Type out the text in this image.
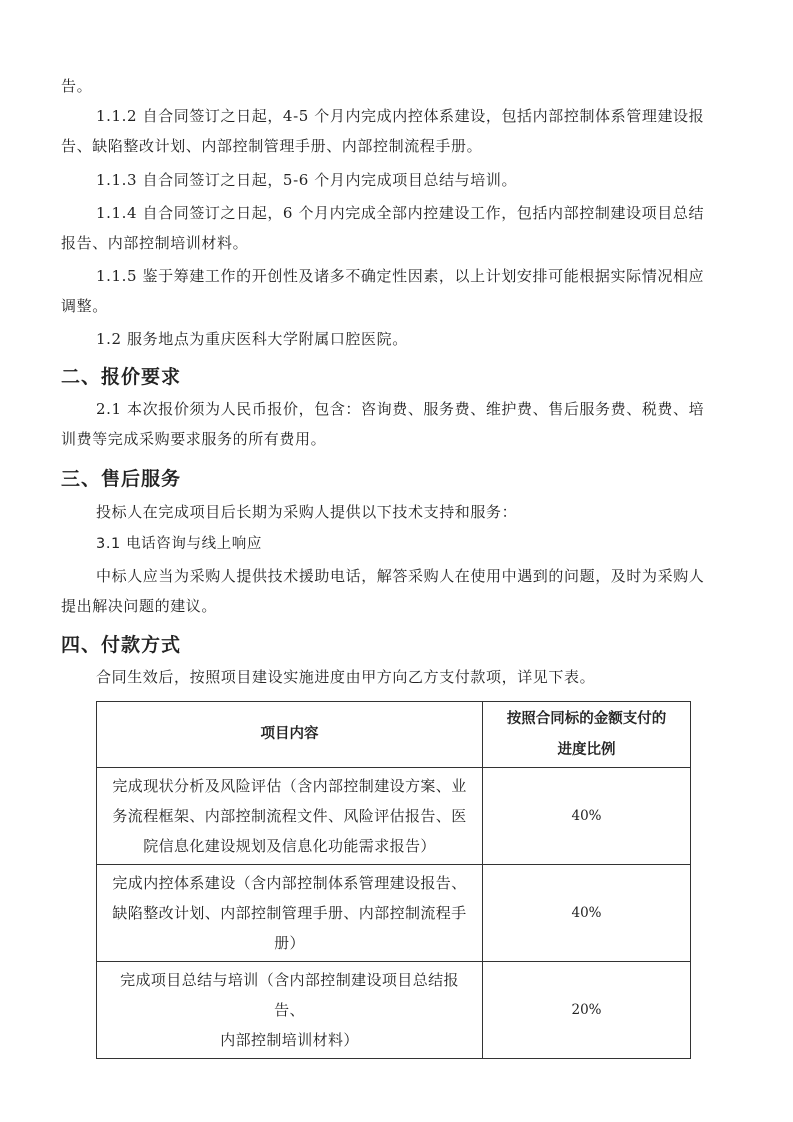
告。

1.1.2 自合同签订之日起，4-5 个月内完成内控体系建设，包括内部控制体系管理建设报

告、缺陷整改计划、内部控制管理手册、内部控制流程手册。

1.1.3 自合同签订之日起，5-6 个月内完成项目总结与培训。

1.1.4 自合同签订之日起，6 个月内完成全部内控建设工作，包括内部控制建设项目总结

报告、内部控制培训材料。

1.1.5 鉴于筹建工作的开创性及诸多不确定性因素，以上计划安排可能根据实际情况相应

调整。

1.2 服务地点为重庆医科大学附属口腔医院。

二、报价要求

2.1 本次报价须为人民币报价，包含：咨询费、服务费、维护费、售后服务费、税费、培

训费等完成采购要求服务的所有费用。

三、售后服务

投标人在完成项目后长期为采购人提供以下技术支持和服务：

3.1 电话咨询与线上响应

中标人应当为采购人提供技术援助电话，解答采购人在使用中遇到的问题，及时为采购人

提出解决问题的建议。

四、付款方式

合同生效后，按照项目建设实施进度由甲方向乙方支付款项，详见下表。

项目内容	按照合同标的金额支付的
进度比例

完成现状分析及风险评估（含内部控制建设方案、业
务流程框架、内部控制流程文件、风险评估报告、医
院信息化建设规划及信息化功能需求报告）	40%

完成内控体系建设（含内部控制体系管理建设报告、
缺陷整改计划、内部控制管理手册、内部控制流程手
册）	40%

完成项目总结与培训（含内部控制建设项目总结报告、
内部控制培训材料）	20%
